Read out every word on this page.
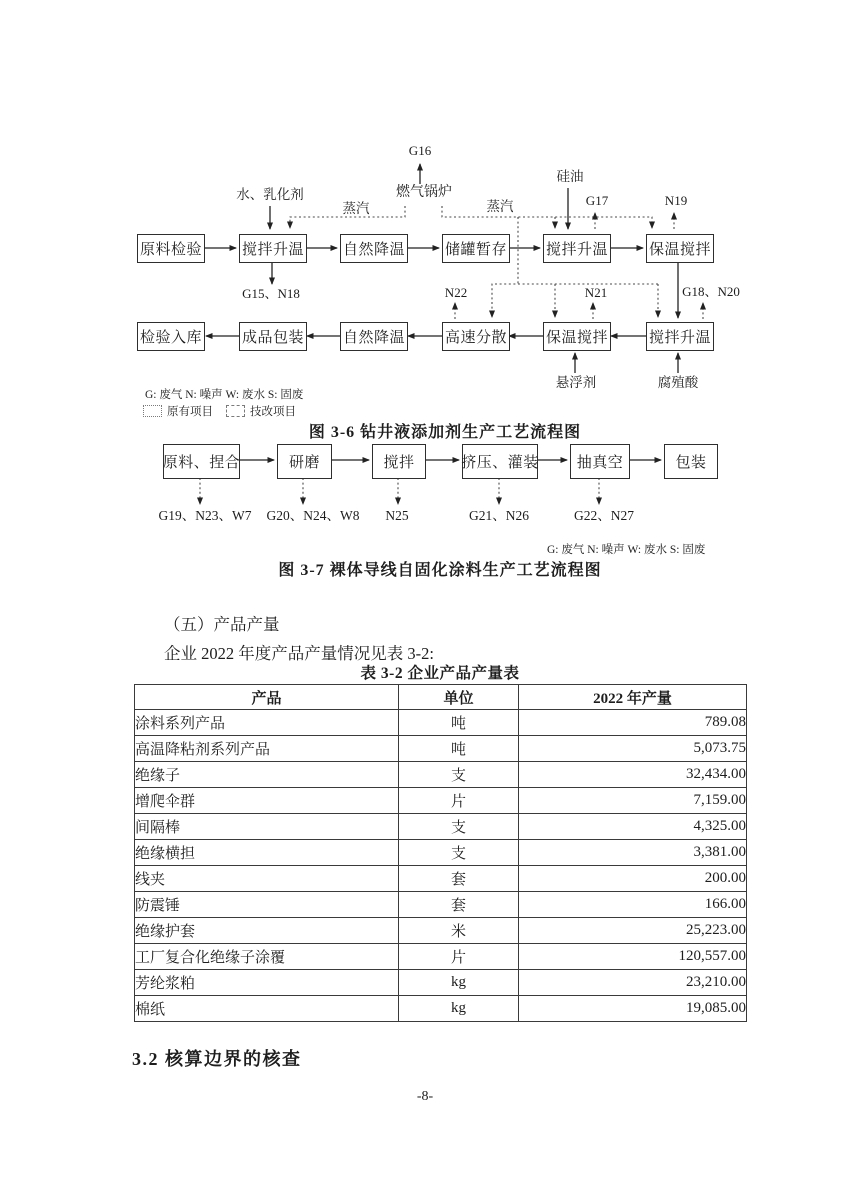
原料检验	搅拌升温	自然降温	储罐暂存	搅拌升温	保温搅拌
检验入库	成品包装	自然降温	高速分散	保温搅拌	搅拌升温
G16
燃气锅炉
水、乳化剂
蒸汽	蒸汽
硅油
G17	N19
G15、N18	N22	N21	G18、N20
悬浮剂	腐殖酸
G: 废气 N: 噪声 W: 废水 S: 固废
原有项目	技改项目
图 3-6 钻井液添加剂生产工艺流程图
原料、捏合	研磨	搅拌	挤压、灌装	抽真空	包装
G19、N23、W7 G20、N24、W8 N25	G21、N26	G22、N27
G: 废气 N: 噪声 W: 废水 S: 固废
图 3-7 裸体导线自固化涂料生产工艺流程图
（五）产品产量
企业 2022 年度产品产量情况见表 3-2:
表 3-2 企业产品产量表
产品	单位	2022 年产量
涂料系列产品	吨	789.08
高温降粘剂系列产品	吨	5,073.75
绝缘子	支	32,434.00
增爬伞群	片	7,159.00
间隔棒	支	4,325.00
绝缘横担	支	3,381.00
线夹	套	200.00
防震锤	套	166.00
绝缘护套	米	25,223.00
工厂复合化绝缘子涂覆	片	120,557.00
芳纶浆粕	kg	23,210.00
棉纸	kg	19,085.00
3.2 核算边界的核查
-8-
